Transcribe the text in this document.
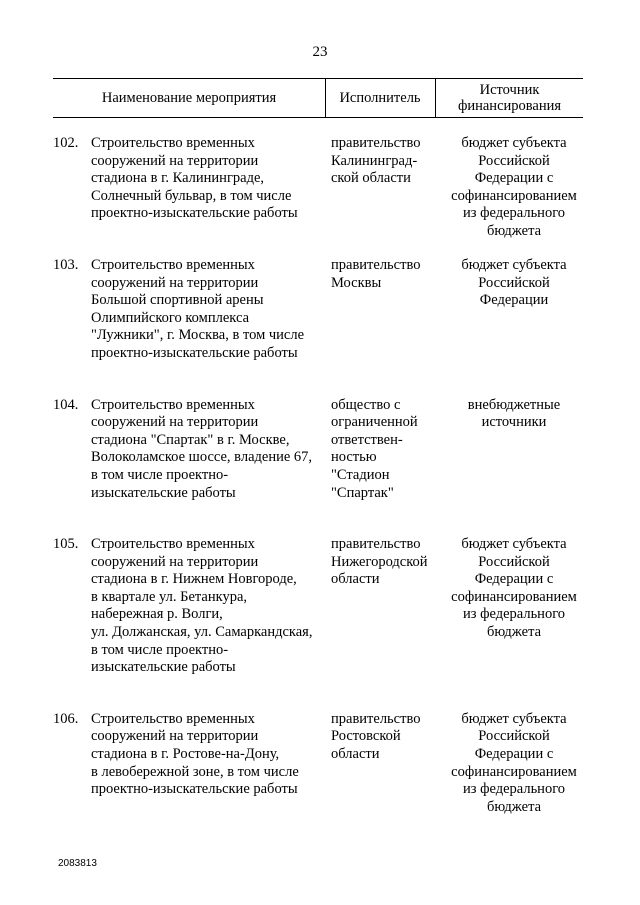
23
Наименование мероприятия	Исполнитель	Источник
финансирования
102. Строительство временных
сооружений на территории
стадиона в г. Калининграде,
Солнечный бульвар, в том числе
проектно-изыскательские работы
правительство
Калининград-
ской области
бюджет субъекта
Российской
Федерации с
софинансированием
из федерального
бюджета
103. Строительство временных
сооружений на территории
Большой спортивной арены
Олимпийского комплекса
"Лужники", г. Москва, в том числе
проектно-изыскательские работы
правительство
Москвы
бюджет субъекта
Российской
Федерации
104. Строительство временных
сооружений на территории
стадиона "Спартак" в г. Москве,
Волоколамское шоссе, владение 67,
в том числе проектно-
изыскательские работы
общество с
ограниченной
ответствен-
ностью
"Стадион
"Спартак"
внебюджетные
источники
105. Строительство временных
сооружений на территории
стадиона в г. Нижнем Новгороде,
в квартале ул. Бетанкура,
набережная р. Волги,
ул. Должанская, ул. Самаркандская,
в том числе проектно-
изыскательские работы
правительство
Нижегородской
области
бюджет субъекта
Российской
Федерации с
софинансированием
из федерального
бюджета
106. Строительство временных
сооружений на территории
стадиона в г. Ростове-на-Дону,
в левобережной зоне, в том числе
проектно-изыскательские работы
правительство
Ростовской
области
бюджет субъекта
Российской
Федерации с
софинансированием
из федерального
бюджета
2083813
